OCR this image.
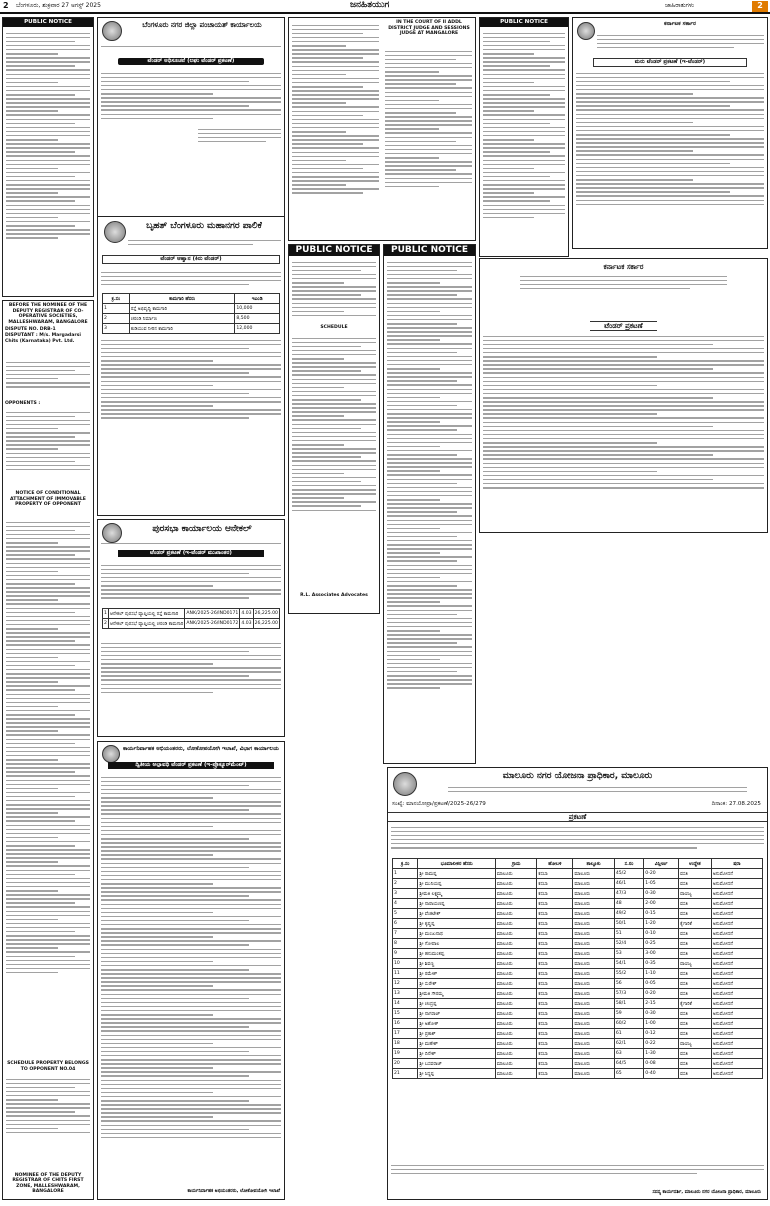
2 ಬೆಂಗಳೂರು, ಶುಕ್ರವಾರ 27 ಅಗಸ್ಟ್ 2025	ಜನಹಿತಯುಗ	ಜಾಹಿರಾತುಗಳು	2
PUBLIC NOTICE
BEFORE THE NOMINEE OF THE DEPUTY REGISTRAR OF CO-OPERATIVE SOCIETIES, MALLESHWARAM, BANGALORE
DISPUTE NO. DRB-1
DISPUTANT : M/s. Margadarsi Chits (Karnataka) Pvt. Ltd.
OPPONENTS :
NOTICE OF CONDITIONAL ATTACHMENT OF IMMOVABLE PROPERTY OF OPPONENT
SCHEDULE PROPERTY BELONGS TO OPPONENT NO.04
NOMINEE OF THE DEPUTY REGISTRAR OF CHITS FIRST ZONE, MALLESHWARAM, BANGALORE
ಬೆಂಗಳೂರು ನಗರ ಜಿಲ್ಲಾ ಪಂಚಾಯತ್ ಕಾರ್ಯಾಲಯ
ಟೆಂಡರ್ ಅಧಿಸೂಚನೆ (ಲಘು ಟೆಂಡರ್ ಪ್ರಕಟಣೆ)
ಬೃಹತ್ ಬೆಂಗಳೂರು ಮಹಾನಗರ ಪಾಲಿಕೆ
ಟೆಂಡರ್ ಆಹ್ವಾನ (ಕಿರು ಟೆಂಡರ್)
ಕ್ರ.ಸಂ	ಕಾಮಗಾರಿ ಹೆಸರು	ಇಎಂಡಿ
1	ರಸ್ತೆ ಅಭಿವೃದ್ಧಿ ಕಾಮಗಾರಿ	10,000
2	ಚರಂಡಿ ನಿರ್ಮಾಣ	8,500
3	ಕುಡಿಯುವ ನೀರಿನ ಕಾಮಗಾರಿ	12,000
ಪುರಸಭಾ ಕಾರ್ಯಾಲಯ ಆನೇಕಲ್
ಟೆಂಡರ್ ಪ್ರಕಟಣೆ (ಇ-ಟೆಂಡರ್ ಮುಖಾಂತರ)
1	ಆನೇಕಲ್ ಪುರಸಭೆ ವ್ಯಾಪ್ತಿಯಲ್ಲಿ ರಸ್ತೆ ಕಾಮಗಾರಿ	ANK/2025-26/IND0171	4.03	26,225.00
2	ಆನೇಕಲ್ ಪುರಸಭೆ ವ್ಯಾಪ್ತಿಯಲ್ಲಿ ಚರಂಡಿ ಕಾಮಗಾರಿ	ANK/2025-26/IND0172	4.03	26,225.00
ಕಾರ್ಯನಿರ್ವಾಹಕ ಅಭಿಯಂತರರು, ಲೋಕೋಪಯೋಗಿ ಇಲಾಖೆ, ವಿಭಾಗ ಕಾರ್ಯಾಲಯ
ದ್ವಿತೀಯ ಅಲ್ಪಾವಧಿ ಟೆಂಡರ್ ಪ್ರಕಟಣೆ (ಇ-ಪ್ರೊಕ್ಯೂರ್‌ಮೆಂಟ್)
ಕಾರ್ಯನಿರ್ವಾಹಕ ಅಭಿಯಂತರರು, ಲೋಕೋಪಯೋಗಿ ಇಲಾಖೆ
IN THE COURT OF II ADDL DISTRICT JUDGE AND SESSIONS JUDGE AT MANGALORE
PUBLIC NOTICE
SCHEDULE
R.L. Associates Advocates
PUBLIC NOTICE
PUBLIC NOTICE	ಕರ್ನಾಟಕ ಸರ್ಕಾರ
ಮರು ಟೆಂಡರ್ ಪ್ರಕಟಣೆ (ಇ-ಟೆಂಡರ್)
ಕರ್ನಾಟಕ ಸರ್ಕಾರ
ಟೆಂಡರ್ ಪ್ರಕಟಣೆ
ಮಾಲೂರು ನಗರ ಯೋಜನಾ ಪ್ರಾಧಿಕಾರ, ಮಾಲೂರು
ಸಂಖ್ಯೆ: ಮಾನಯೋಪ್ರಾ/ಪ್ರಕಟಣೆ/2025-26/279	ದಿನಾಂಕ: 27.08.2025
ಪ್ರಕಟಣೆ
ಕ್ರ.ಸಂ	ಭೂಮಾಲೀಕರ ಹೆಸರು	ಗ್ರಾಮ	ಹೋಬಳಿ	ತಾಲ್ಲೂಕು	ಸ.ನಂ	ವಿಸ್ತೀರ್ಣ	ಉದ್ದೇಶ	ಷರಾ
1	ಶ್ರೀ ರಾಮಪ್ಪ	ಮಾಲೂರು	ಕಸಬಾ	ಮಾಲೂರು	45/2	0-20	ವಸತಿ	ಅನುಮೋದನೆ
2	ಶ್ರೀ ಮುನಿಯಪ್ಪ	ಮಾಲೂರು	ಕಸಬಾ	ಮಾಲೂರು	46/1	1-05	ವಸತಿ	ಅನುಮೋದನೆ
3	ಶ್ರೀಮತಿ ಲಕ್ಷ್ಮಮ್ಮ	ಮಾಲೂರು	ಕಸಬಾ	ಮಾಲೂರು	47/3	0-30	ವಾಣಿಜ್ಯ	ಅನುಮೋದನೆ
4	ಶ್ರೀ ನಾರಾಯಣಪ್ಪ	ಮಾಲೂರು	ಕಸಬಾ	ಮಾಲೂರು	48	2-00	ವಸತಿ	ಅನುಮೋದನೆ
5	ಶ್ರೀ ವೆಂಕಟೇಶ್	ಮಾಲೂರು	ಕಸಬಾ	ಮಾಲೂರು	49/2	0-15	ವಸತಿ	ಅನುಮೋದನೆ
6	ಶ್ರೀ ಕೃಷ್ಣಪ್ಪ	ಮಾಲೂರು	ಕಸಬಾ	ಮಾಲೂರು	50/1	1-20	ಕೈಗಾರಿಕೆ	ಅನುಮೋದನೆ
7	ಶ್ರೀ ಮಂಜುನಾಥ	ಮಾಲೂರು	ಕಸಬಾ	ಮಾಲೂರು	51	0-10	ವಸತಿ	ಅನುಮೋದನೆ
8	ಶ್ರೀ ಗೋಪಾಲ	ಮಾಲೂರು	ಕಸಬಾ	ಮಾಲೂರು	52/4	0-25	ವಸತಿ	ಅನುಮೋದನೆ
9	ಶ್ರೀ ಹನುಮಂತಪ್ಪ	ಮಾಲೂರು	ಕಸಬಾ	ಮಾಲೂರು	53	3-00	ವಸತಿ	ಅನುಮೋದನೆ
10	ಶ್ರೀ ಶಿವಣ್ಣ	ಮಾಲೂರು	ಕಸಬಾ	ಮಾಲೂರು	54/1	0-35	ವಾಣಿಜ್ಯ	ಅನುಮೋದನೆ
11	ಶ್ರೀ ರಮೇಶ್	ಮಾಲೂರು	ಕಸಬಾ	ಮಾಲೂರು	55/2	1-10	ವಸತಿ	ಅನುಮೋದನೆ
12	ಶ್ರೀ ಸುರೇಶ್	ಮಾಲೂರು	ಕಸಬಾ	ಮಾಲೂರು	56	0-05	ವಸತಿ	ಅನುಮೋದನೆ
13	ಶ್ರೀಮತಿ ಗೌರಮ್ಮ	ಮಾಲೂರು	ಕಸಬಾ	ಮಾಲೂರು	57/3	0-20	ವಸತಿ	ಅನುಮೋದನೆ
14	ಶ್ರೀ ಚಂದ್ರಪ್ಪ	ಮಾಲೂರು	ಕಸಬಾ	ಮಾಲೂರು	58/1	2-15	ಕೈಗಾರಿಕೆ	ಅನುಮೋದನೆ
15	ಶ್ರೀ ನಾಗರಾಜ್	ಮಾಲೂರು	ಕಸಬಾ	ಮಾಲೂರು	59	0-30	ವಸತಿ	ಅನುಮೋದನೆ
16	ಶ್ರೀ ಅಶೋಕ್	ಮಾಲೂರು	ಕಸಬಾ	ಮಾಲೂರು	60/2	1-00	ವಸತಿ	ಅನುಮೋದನೆ
17	ಶ್ರೀ ಪ್ರಕಾಶ್	ಮಾಲೂರು	ಕಸಬಾ	ಮಾಲೂರು	61	0-12	ವಸತಿ	ಅನುಮೋದನೆ
18	ಶ್ರೀ ಮಹೇಶ್	ಮಾಲೂರು	ಕಸಬಾ	ಮಾಲೂರು	62/1	0-22	ವಾಣಿಜ್ಯ	ಅನುಮೋದನೆ
19	ಶ್ರೀ ದಿನೇಶ್	ಮಾಲೂರು	ಕಸಬಾ	ಮಾಲೂರು	63	1-30	ವಸತಿ	ಅನುಮೋದನೆ
20	ಶ್ರೀ ಬಸವರಾಜ್	ಮಾಲೂರು	ಕಸಬಾ	ಮಾಲೂರು	64/5	0-08	ವಸತಿ	ಅನುಮೋದನೆ
21	ಶ್ರೀ ಸಿದ್ದಪ್ಪ	ಮಾಲೂರು	ಕಸಬಾ	ಮಾಲೂರು	65	0-40	ವಸತಿ	ಅನುಮೋದನೆ
ಸದಸ್ಯ ಕಾರ್ಯದರ್ಶಿ, ಮಾಲೂರು ನಗರ ಯೋಜನಾ ಪ್ರಾಧಿಕಾರ, ಮಾಲೂರು
